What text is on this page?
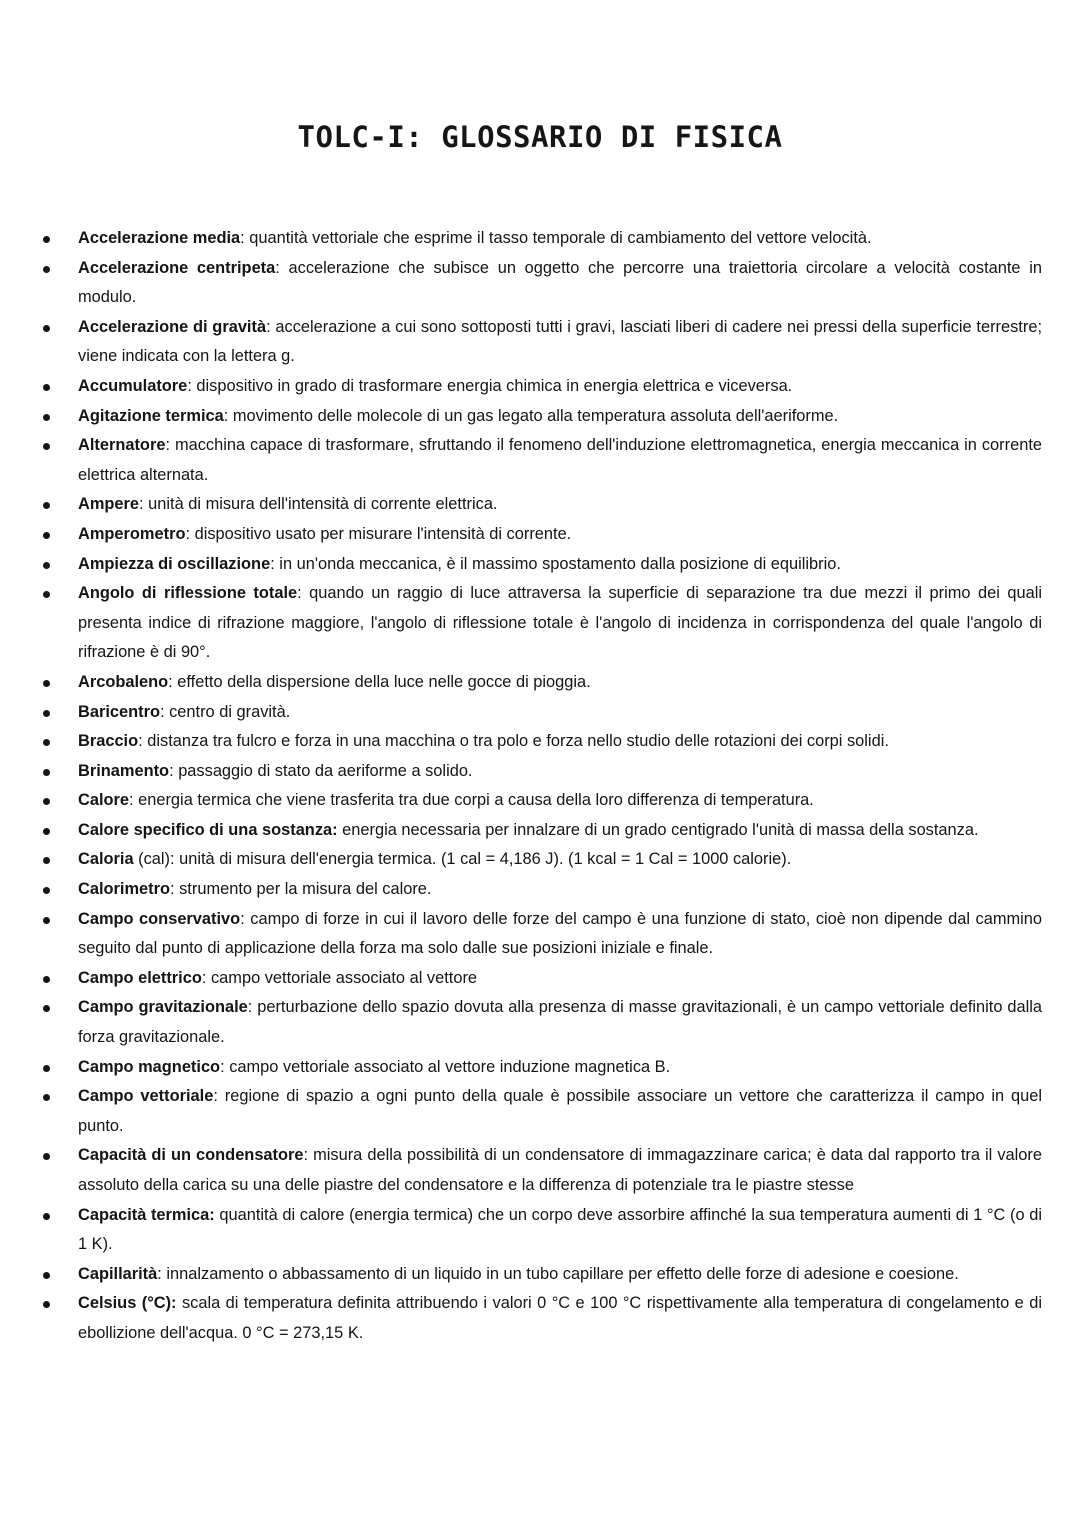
TOLC-I: GLOSSARIO DI FISICA
Accelerazione media: quantità vettoriale che esprime il tasso temporale di cambiamento del vettore velocità.
Accelerazione centripeta: accelerazione che subisce un oggetto che percorre una traiettoria circolare a velocità costante in modulo.
Accelerazione di gravità: accelerazione a cui sono sottoposti tutti i gravi, lasciati liberi di cadere nei pressi della superficie terrestre; viene indicata con la lettera g.
Accumulatore: dispositivo in grado di trasformare energia chimica in energia elettrica e viceversa.
Agitazione termica: movimento delle molecole di un gas legato alla temperatura assoluta dell'aeriforme.
Alternatore: macchina capace di trasformare, sfruttando il fenomeno dell'induzione elettromagnetica, energia meccanica in corrente elettrica alternata.
Ampere: unità di misura dell'intensità di corrente elettrica.
Amperometro: dispositivo usato per misurare l'intensità di corrente.
Ampiezza di oscillazione: in un'onda meccanica, è il massimo spostamento dalla posizione di equilibrio.
Angolo di riflessione totale: quando un raggio di luce attraversa la superficie di separazione tra due mezzi il primo dei quali presenta indice di rifrazione maggiore, l'angolo di riflessione totale è l'angolo di incidenza in corrispondenza del quale l'angolo di rifrazione è di 90°.
Arcobaleno: effetto della dispersione della luce nelle gocce di pioggia.
Baricentro: centro di gravità.
Braccio: distanza tra fulcro e forza in una macchina o tra polo e forza nello studio delle rotazioni dei corpi solidi.
Brinamento: passaggio di stato da aeriforme a solido.
Calore: energia termica che viene trasferita tra due corpi a causa della loro differenza di temperatura.
Calore specifico di una sostanza: energia necessaria per innalzare di un grado centigrado l'unità di massa della sostanza.
Caloria (cal): unità di misura dell'energia termica. (1 cal = 4,186 J). (1 kcal = 1 Cal = 1000 calorie).
Calorimetro: strumento per la misura del calore.
Campo conservativo: campo di forze in cui il lavoro delle forze del campo è una funzione di stato, cioè non dipende dal cammino seguito dal punto di applicazione della forza ma solo dalle sue posizioni iniziale e finale.
Campo elettrico: campo vettoriale associato al vettore
Campo gravitazionale: perturbazione dello spazio dovuta alla presenza di masse gravitazionali, è un campo vettoriale definito dalla forza gravitazionale.
Campo magnetico: campo vettoriale associato al vettore induzione magnetica B.
Campo vettoriale: regione di spazio a ogni punto della quale è possibile associare un vettore che caratterizza il campo in quel punto.
Capacità di un condensatore: misura della possibilità di un condensatore di immagazzinare carica; è data dal rapporto tra il valore assoluto della carica su una delle piastre del condensatore e la differenza di potenziale tra le piastre stesse
Capacità termica: quantità di calore (energia termica) che un corpo deve assorbire affinché la sua temperatura aumenti di 1 °C (o di 1 K).
Capillarità: innalzamento o abbassamento di un liquido in un tubo capillare per effetto delle forze di adesione e coesione.
Celsius (°C): scala di temperatura definita attribuendo i valori 0 °C e 100 °C rispettivamente alla temperatura di congelamento e di ebollizione dell'acqua. 0 °C = 273,15 K.
